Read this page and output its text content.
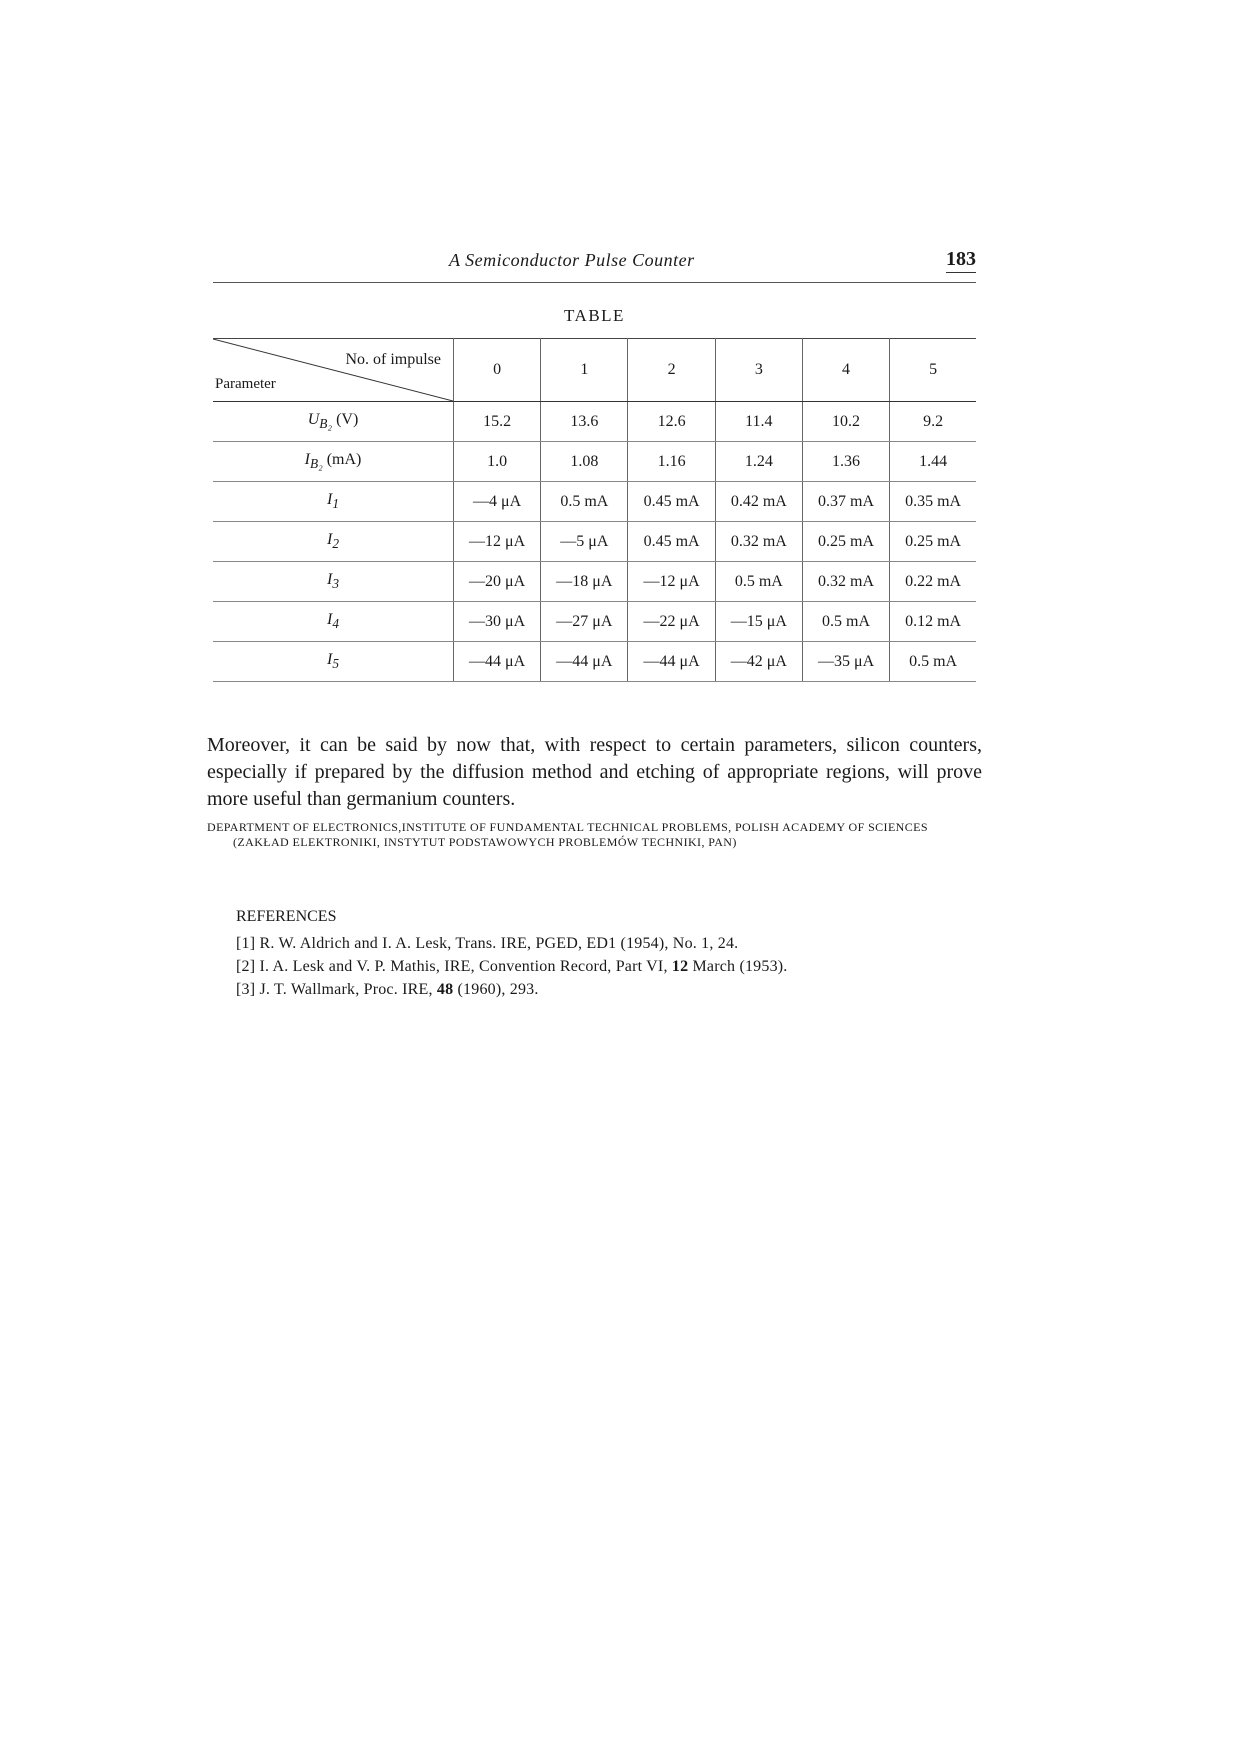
A Semiconductor Pulse Counter	183
TABLE
No. of impulse
Parameter	0	1	2	3	4	5
$U_{B_2}$ (V)	15.2	13.6	12.6	11.4	10.2	9.2
$I_{B_2}$ (mA)	1.0	1.08	1.16	1.24	1.36	1.44
$I_1$	—4 μA	0.5 mA	0.45 mA	0.42 mA	0.37 mA	0.35 mA
$I_2$	—12 μA	—5 μA	0.45 mA	0.32 mA	0.25 mA	0.25 mA
$I_3$	—20 μA	—18 μA	—12 μA	0.5 mA	0.32 mA	0.22 mA
$I_4$	—30 μA	—27 μA	—22 μA	—15 μA	0.5 mA	0.12 mA
$I_5$	—44 μA	—44 μA	—44 μA	—42 μA	—35 μA	0.5 mA

Moreover, it can be said by now that, with respect to certain parameters, silicon counters, especially if prepared by the diffusion method and etching of appropriate regions, will prove more useful than germanium counters.

DEPARTMENT OF ELECTRONICS,INSTITUTE OF FUNDAMENTAL TECHNICAL PROBLEMS, POLISH ACADEMY OF SCIENCES
(ZAKŁAD ELEKTRONIKI, INSTYTUT PODSTAWOWYCH PROBLEMÓW TECHNIKI, PAN)
REFERENCES
[1] R. W. Aldrich and I. A. Lesk, Trans. IRE, PGED, ED1 (1954), No. 1, 24.
[2] I. A. Lesk and V. P. Mathis, IRE, Convention Record, Part VI, 12 March (1953).
[3] J. T. Wallmark, Proc. IRE, 48 (1960), 293.
